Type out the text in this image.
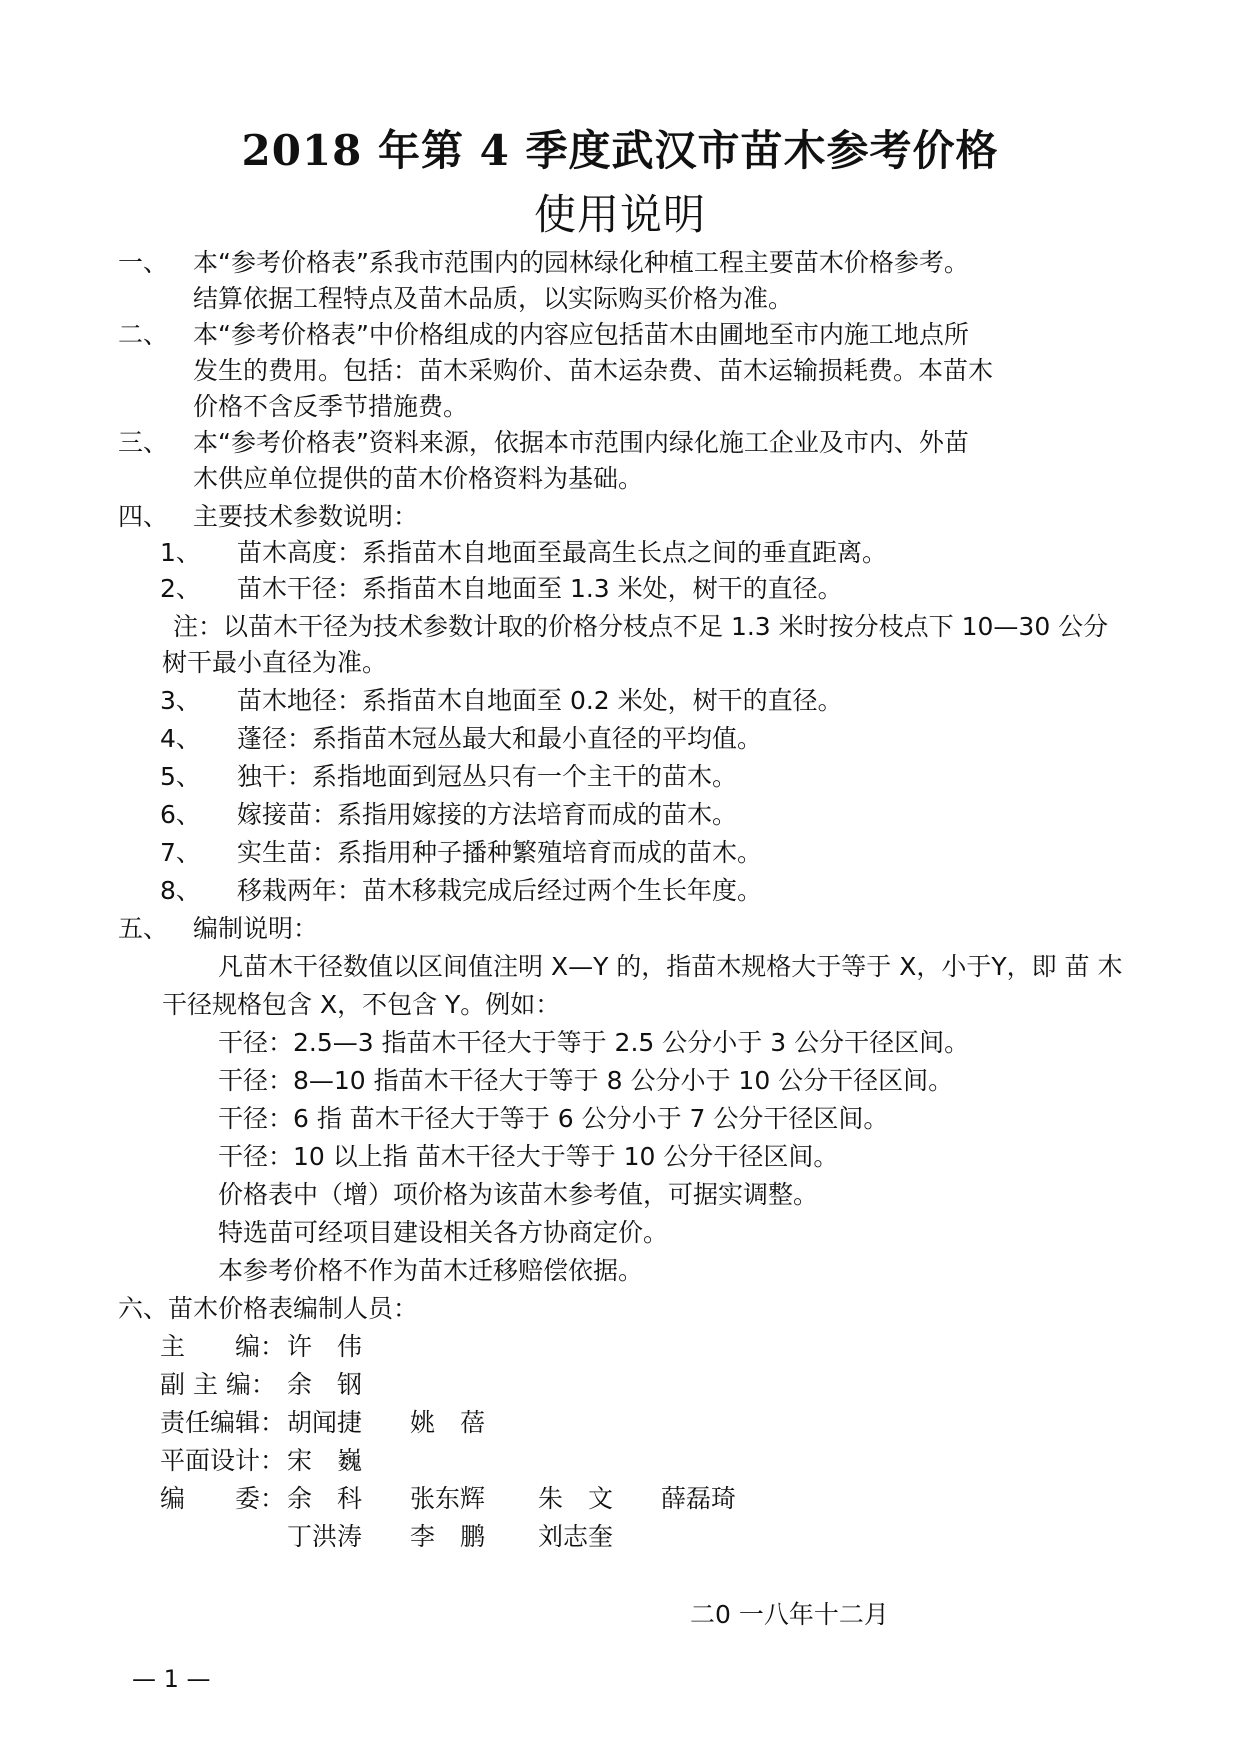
2018 年第 4 季度武汉市苗木参考价格
使用说明
一、 本“参考价格表”系我市范围内的园林绿化种植工程主要苗木价格参考。
结算依据工程特点及苗木品质，以实际购买价格为准。
二、 本“参考价格表”中价格组成的内容应包括苗木由圃地至市内施工地点所
发生的费用。包括：苗木采购价、苗木运杂费、苗木运输损耗费。本苗木
价格不含反季节措施费。
三、 本“参考价格表”资料来源，依据本市范围内绿化施工企业及市内、外苗
木供应单位提供的苗木价格资料为基础。
四、 主要技术参数说明：
1、 苗木高度：系指苗木自地面至最高生长点之间的垂直距离。
2、 苗木干径：系指苗木自地面至 1.3 米处，树干的直径。
注：以苗木干径为技术参数计取的价格分枝点不足 1.3 米时按分枝点下 10—30 公分
树干最小直径为准。
3、 苗木地径：系指苗木自地面至 0.2 米处，树干的直径。
4、 蓬径：系指苗木冠丛最大和最小直径的平均值。
5、 独干：系指地面到冠丛只有一个主干的苗木。
6、 嫁接苗：系指用嫁接的方法培育而成的苗木。
7、 实生苗：系指用种子播种繁殖培育而成的苗木。
8、 移栽两年：苗木移栽完成后经过两个生长年度。
五、 编制说明：
凡苗木干径数值以区间值注明 X—Y 的，指苗木规格大于等于 X，小于Y，即 苗 木
干径规格包含 X，不包含 Y。例如：
干径：2.5—3 指苗木干径大于等于 2.5 公分小于 3 公分干径区间。
干径：8—10 指苗木干径大于等于 8 公分小于 10 公分干径区间。
干径：6 指 苗木干径大于等于 6 公分小于 7 公分干径区间。
干径：10 以上指 苗木干径大于等于 10 公分干径区间。
价格表中（增）项价格为该苗木参考值，可据实调整。
特选苗可经项目建设相关各方协商定价。
本参考价格不作为苗木迁移赔偿依据。
六、苗木价格表编制人员：
主　　编： 许　伟
副 主 编： 余　钢
责任编辑： 胡闻捷 姚　蓓
平面设计： 宋　巍
编　　委： 余　科 张东辉 朱　文 薛磊琦
丁洪涛 李　鹏 刘志奎
二0 一八年十二月
— 1 —
